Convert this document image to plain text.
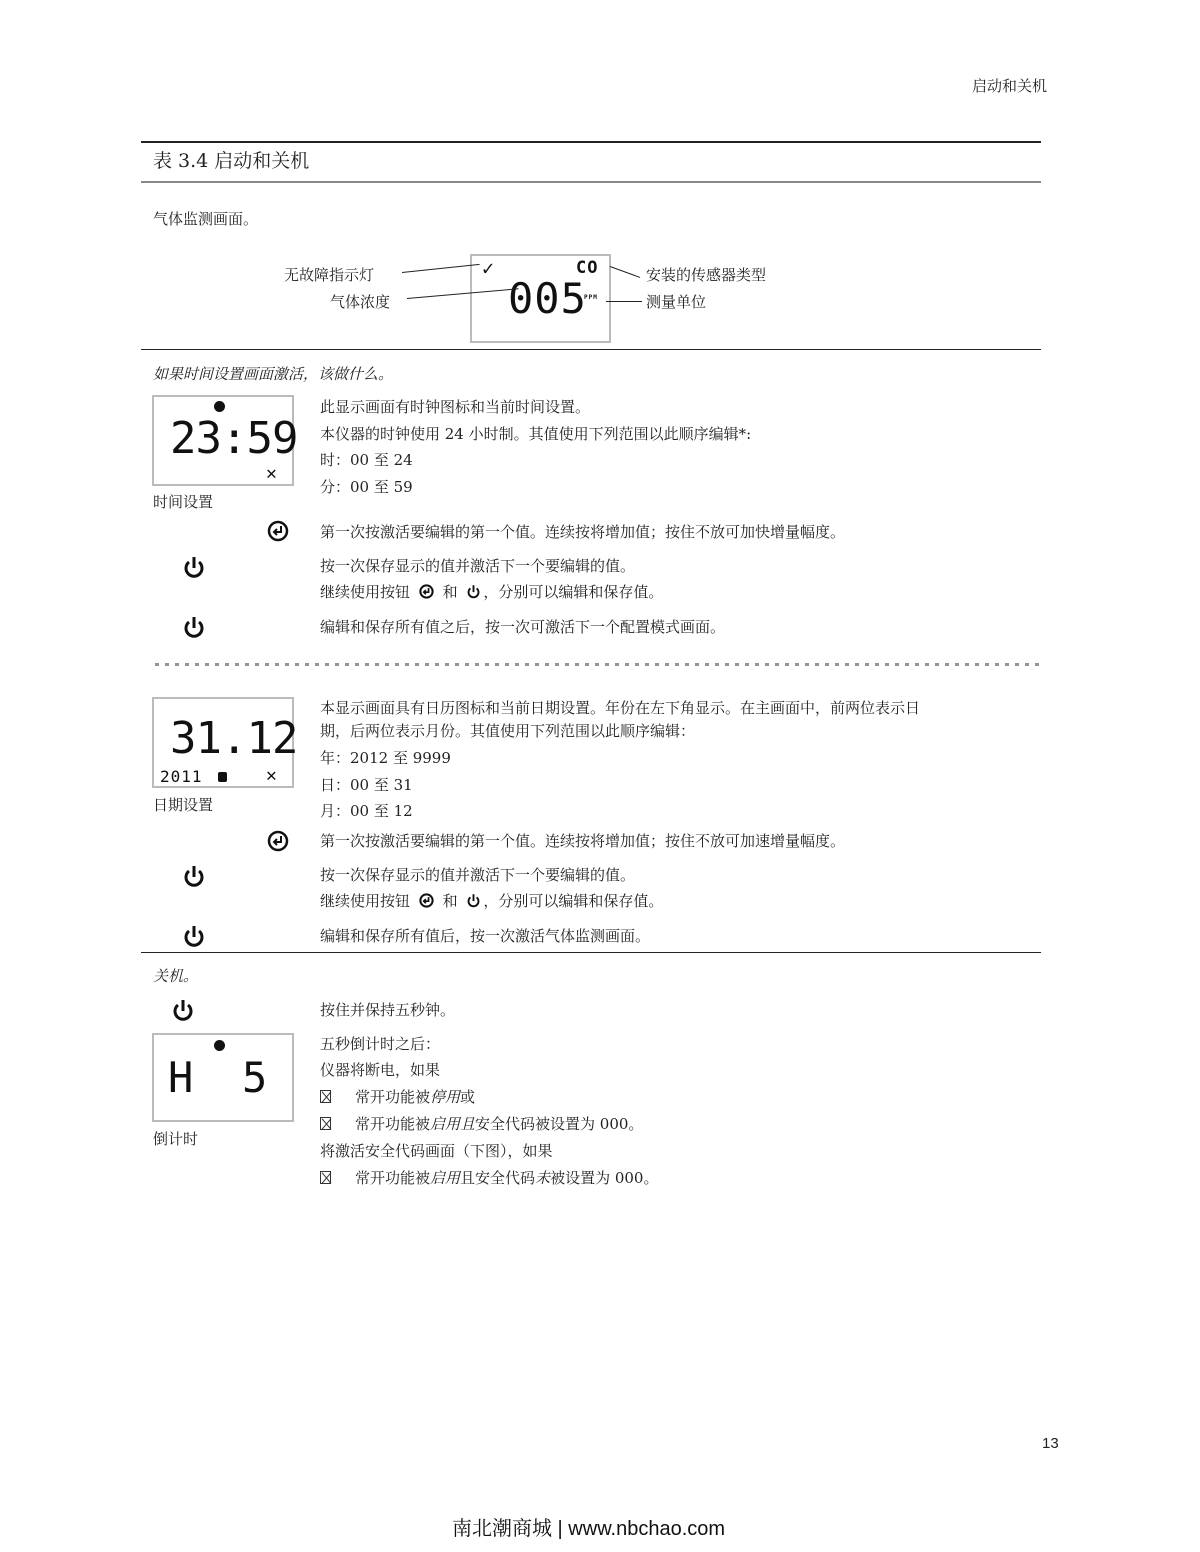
启动和关机
表 3.4 启动和关机
气体监测画面。
✓	CO
005
PPM
无故障指示灯
气体浓度
安装的传感器类型
测量单位
如果时间设置画面激活，该做什么。
23:59
✕
时间设置
此显示画面有时钟图标和当前时间设置。
本仪器的时钟使用 24 小时制。其值使用下列范围以此顺序编辑*:
时：00 至 24
分：00 至 59
第一次按激活要编辑的第一个值。连续按将增加值；按住不放可加快增量幅度。
按一次保存显示的值并激活下一个要编辑的值。
继续使用按钮 和 ，分别可以编辑和保存值。
编辑和保存所有值之后，按一次可激活下一个配置模式画面。
31.12
2011	✕
日期设置
本显示画面具有日历图标和当前日期设置。年份在左下角显示。在主画面中，前两位表示日
期，后两位表示月份。其值使用下列范围以此顺序编辑：
年：2012 至 9999
日：00 至 31
月：00 至 12
第一次按激活要编辑的第一个值。连续按将增加值；按住不放可加速增量幅度。
按一次保存显示的值并激活下一个要编辑的值。
继续使用按钮 和 ，分别可以编辑和保存值。
编辑和保存所有值后，按一次激活气体监测画面。
关机。
按住并保持五秒钟。
H 5
倒计时
五秒倒计时之后：
仪器将断电，如果
常开功能被停用或
常开功能被启用且安全代码被设置为 000。
将激活安全代码画面（下图），如果
常开功能被启用且安全代码未被设置为 000。
13
南北潮商城 | www.nbchao.com
